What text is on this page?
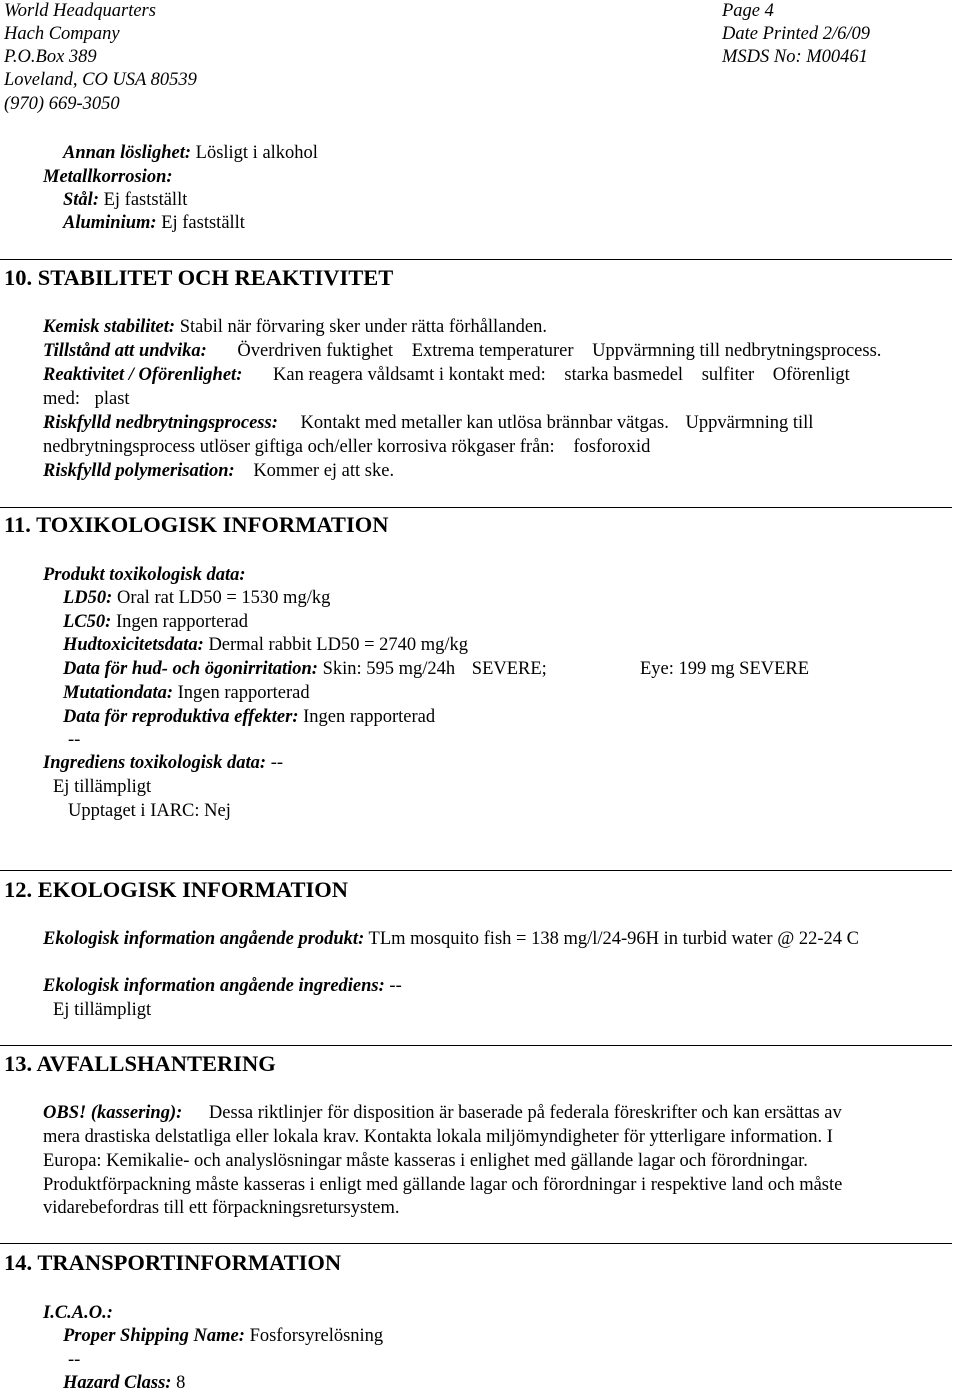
World Headquarters
Hach Company
P.O.Box 389
Loveland, CO USA 80539
(970) 669-3050
Page 4
Date Printed 2/6/09
MSDS No: M00461
Annan löslighet: Lösligt i alkohol
Metallkorrosion:
Stål: Ej fastställt
Aluminium: Ej fastställt
10. STABILITET OCH REAKTIVITET
Kemisk stabilitet: Stabil när förvaring sker under rätta förhållanden.
Tillstånd att undvika: Överdriven fuktighet Extrema temperaturer Uppvärmning till nedbrytningsprocess.
Reaktivitet / Oförenlighet: Kan reagera våldsamt i kontakt med: starka basmedel sulfiter Oförenligt
med: plast
Riskfylld nedbrytningsprocess: Kontakt med metaller kan utlösa brännbar vätgas. Uppvärmning till
nedbrytningsprocess utlöser giftiga och/eller korrosiva rökgaser från: fosforoxid
Riskfylld polymerisation: Kommer ej att ske.
11. TOXIKOLOGISK INFORMATION
Produkt toxikologisk data:
LD50: Oral rat LD50 = 1530 mg/kg
LC50: Ingen rapporterad
Hudtoxicitetsdata: Dermal rabbit LD50 = 2740 mg/kg
Data för hud- och ögonirritation: Skin: 595 mg/24h SEVERE;	Eye: 199 mg SEVERE
Mutationdata: Ingen rapporterad
Data för reproduktiva effekter: Ingen rapporterad
--
Ingrediens toxikologisk data: --
Ej tillämpligt
Upptaget i IARC: Nej
12. EKOLOGISK INFORMATION
Ekologisk information angående produkt: TLm mosquito fish = 138 mg/l/24-96H in turbid water @ 22-24 C
Ekologisk information angående ingrediens: --
Ej tillämpligt
13. AVFALLSHANTERING
OBS! (kassering): Dessa riktlinjer för disposition är baserade på federala föreskrifter och kan ersättas av
mera drastiska delstatliga eller lokala krav. Kontakta lokala miljömyndigheter för ytterligare information. I
Europa: Kemikalie- och analyslösningar måste kasseras i enlighet med gällande lagar och förordningar.
Produktförpackning måste kasseras i enligt med gällande lagar och förordningar i respektive land och måste
vidarebefordras till ett förpackningsretursystem.
14. TRANSPORTINFORMATION
I.C.A.O.:
Proper Shipping Name: Fosforsyrelösning
--
Hazard Class: 8
